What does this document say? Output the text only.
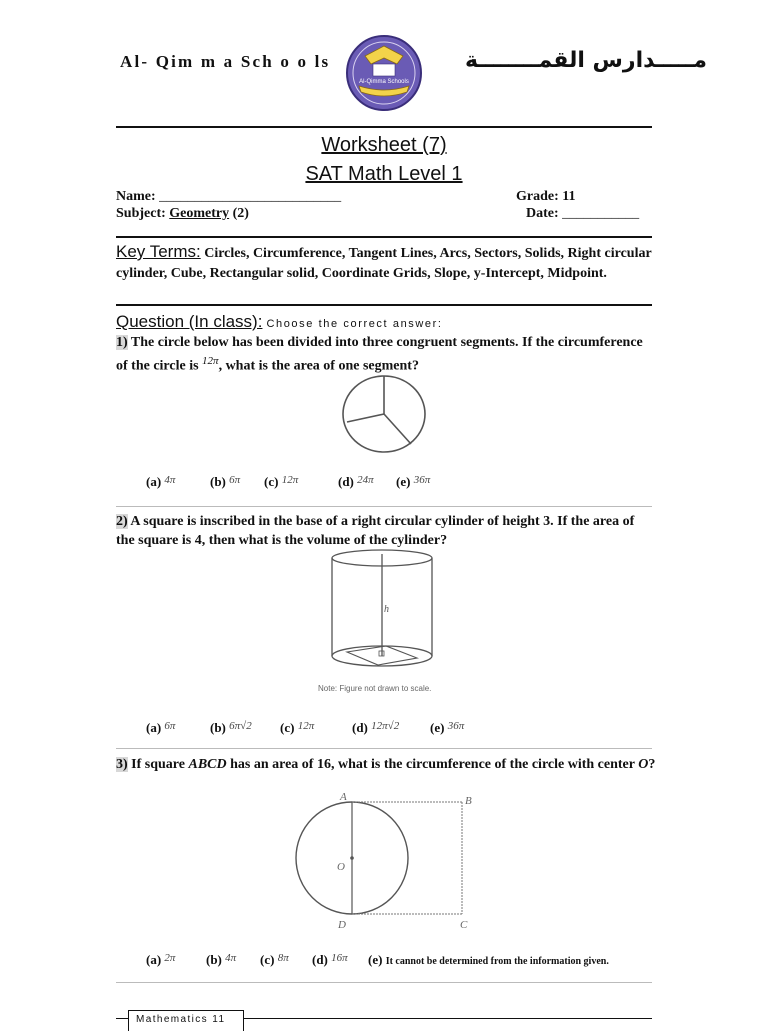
Al- Qim m a Sch o o ls
Al-Qimma Schools
مـــــدارس القمــــــــة
Worksheet (7)
SAT Math Level 1
Name: __________________________	Grade: 11
Subject: Geometry (2)	Date: ___________
Key Terms: Circles, Circumference, Tangent Lines, Arcs, Sectors, Solids, Right circular cylinder, Cube, Rectangular solid, Coordinate Grids, Slope, y-Intercept, Midpoint.
Question (In class): Choose the correct answer:
1) The circle below has been divided into three congruent segments. If the circumference of the circle is $^{12\pi}$, what is the area of one segment?
(a) $^{4\pi}$	(b) $^{6\pi}$ (c) $^{12\pi}$	(d) $^{24\pi}$ (e) $^{36\pi}$
2) A square is inscribed in the base of a right circular cylinder of height 3. If the area of the square is 4, then what is the volume of the cylinder?
h
Note: Figure not drawn to scale.
(a) $^{6\pi}$	(b) $^{6\pi√2}$ (c) $^{12\pi}$	(d) $^{12\pi√2}$ (e) $^{36\pi}$
3) If square ABCD has an area of 16, what is the circumference of the circle with center O?
A	B
O
D	C
(a) $^{2\pi}$ (b) $^{4\pi}$ (c) $^{8\pi}$ (d) $^{16\pi}$ (e) It cannot be determined from the information given.
Mathematics 11
